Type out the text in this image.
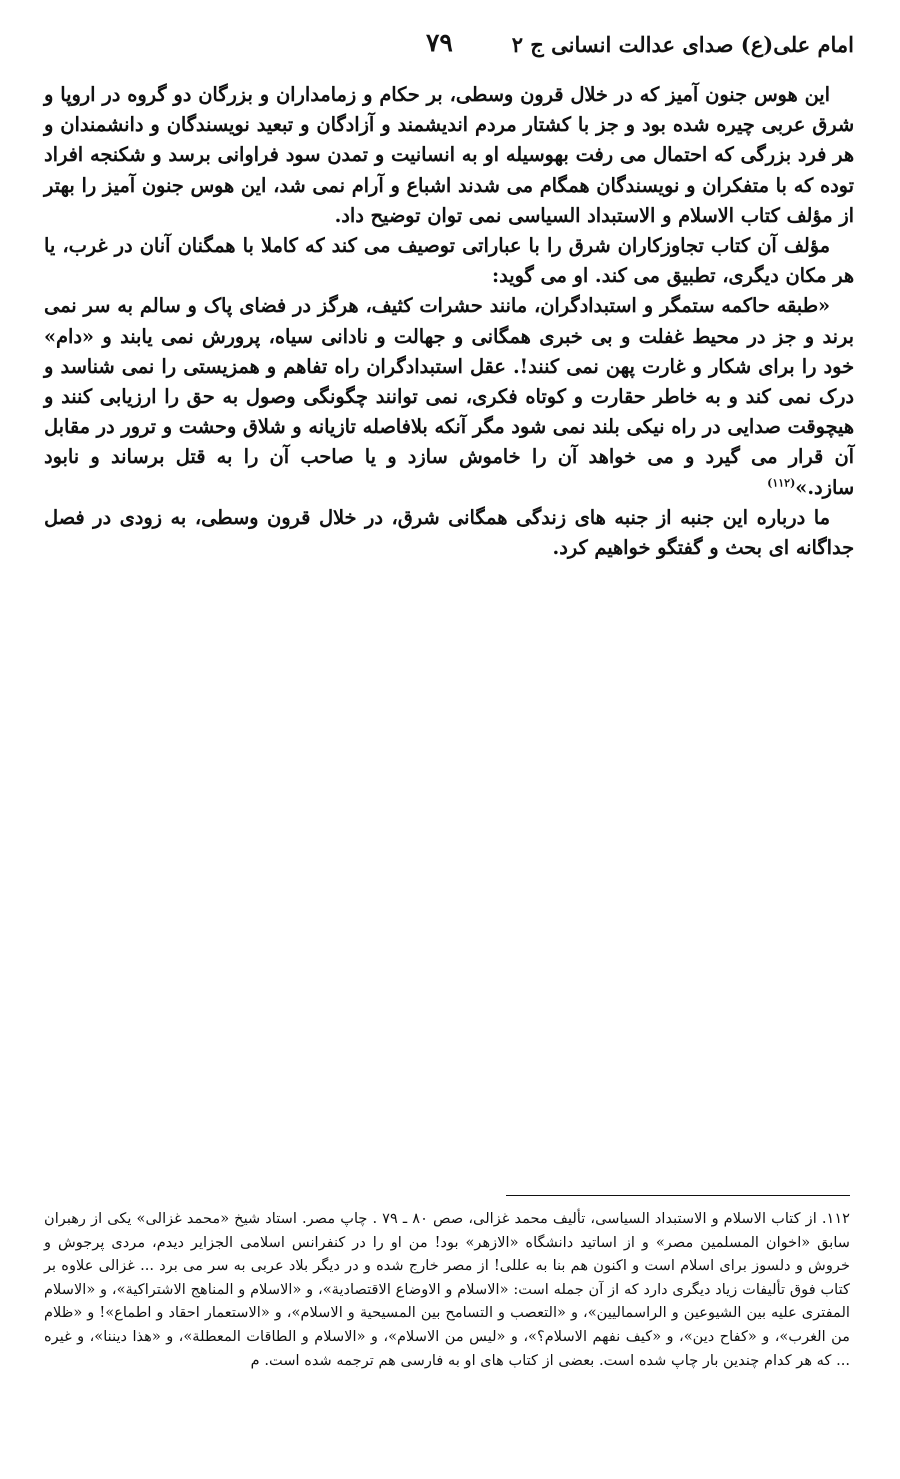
امام علی(ع) صدای عدالت انسانی ج ۲
۷۹

این هوس جنون آمیز که در خلال قرون وسطی، بر حکام و زمامداران و بزرگان دو گروه در اروپا و شرق عربی چیره شده بود و جز با کشتار مردم اندیشمند و آزادگان و تبعید نویسندگان و دانشمندان و هر فرد بزرگی که احتمال می رفت بهوسیله او به انسانیت و تمدن سود فراوانی برسد و شکنجه افراد توده که با متفکران و نویسندگان همگام می شدند اشباع و آرام نمی شد، این هوس جنون آمیز را بهتر از مؤلف کتاب الاسلام و الاستبداد السیاسی نمی توان توضیح داد.

مؤلف آن کتاب تجاوزکاران شرق را با عباراتی توصیف می کند که کاملا با همگنان آنان در غرب، یا هر مکان دیگری، تطبیق می کند. او می گوید:

«طبقه حاکمه ستمگر و استبدادگران، مانند حشرات کثیف، هرگز در فضای پاک و سالم به سر نمی برند و جز در محیط غفلت و بی خبری همگانی و جهالت و نادانی سیاه، پرورش نمی یابند و «دام» خود را برای شکار و غارت پهن نمی کنند!. عقل استبدادگران راه تفاهم و همزیستی را نمی شناسد و درک نمی کند و به خاطر حقارت و کوتاه فکری، نمی توانند چگونگی وصول به حق را ارزیابی کنند و هیچوقت صدایی در راه نیکی بلند نمی شود مگر آنکه بلافاصله تازیانه و شلاق وحشت و ترور در مقابل آن قرار می گیرد و می خواهد آن را خاموش سازد و یا صاحب آن را به قتل برساند و نابود سازد.»$^{(۱۱۲)}$

ما درباره این جنبه از جنبه های زندگی همگانی شرق، در خلال قرون وسطی، به زودی در فصل جداگانه ای بحث و گفتگو خواهیم کرد.

۱۱۲. از کتاب الاسلام و الاستبداد السیاسی، تألیف محمد غزالی، صص ۸۰ ـ ۷۹ . چاپ مصر. استاد شیخ «محمد غزالی» یکی از رهبران سابق «اخوان المسلمین مصر» و از اساتید دانشگاه «الازهر» بود! من او را در کنفرانس اسلامی الجزایر دیدم، مردی پرجوش و خروش و دلسوز برای اسلام است و اکنون هم بنا به عللی! از مصر خارج شده و در دیگر بلاد عربی به سر می برد ... غزالی علاوه بر کتاب فوق تألیفات زیاد دیگری دارد که از آن جمله است: «الاسلام و الاوضاع الاقتصادیة»، و «الاسلام و المناهج الاشتراکیة»، و «الاسلام المفتری علیه بین الشیوعین و الراسمالیین»، و «التعصب و التسامح بین المسیحیة و الاسلام»، و «الاستعمار احقاد و اطماع»! و «ظلام من الغرب»، و «کفاح دین»، و «کیف نفهم الاسلام؟»، و «لیس من الاسلام»، و «الاسلام و الطاقات المعطلة»، و «هذا دیننا»، و غیره ... که هر کدام چندین بار چاپ شده است. بعضی از کتاب های او به فارسی هم ترجمه شده است. م
